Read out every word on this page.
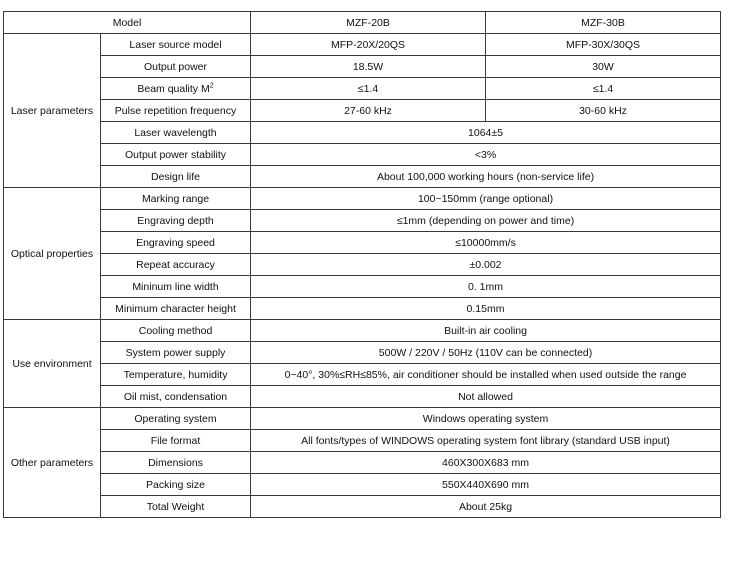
Model		MZF-20B	MZF-30B
Laser parameters	Laser source model	MFP-20X/20QS	MFP-30X/30QS
	Output power	18.5W	30W
	Beam quality $M^2$	≤1.4	≤1.4
	Pulse repetition frequency	27-60 kHz	30-60 kHz
	Laser wavelength	1064±5	
	Output power stability	<3%	
	Design life	About 100,000 working hours (non-service life)	
Optical properties	Marking range	100~150mm (range optional)	
	Engraving depth	≤1mm (depending on power and time)	
	Engraving speed	≤10000mm/s	
	Repeat accuracy	±0.002	
	Mininum line width	0. 1mm	
	Minimum character height	0.15mm	
Use environment	Cooling method	Built-in air cooling	
	System power supply	500W / 220V / 50Hz (110V can be connected)	
	Temperature, humidity	0~40°, 30%≤RH≤85%, air conditioner should be installed when used outside the range	
	Oil mist, condensation	Not allowed	
Other parameters	Operating system	Windows operating system	
	File format	All fonts/types of WINDOWS operating system font library (standard USB input)	
	Dimensions	460X300X683 mm	
	Packing size	550X440X690 mm	
	Total Weight	About 25kg	
